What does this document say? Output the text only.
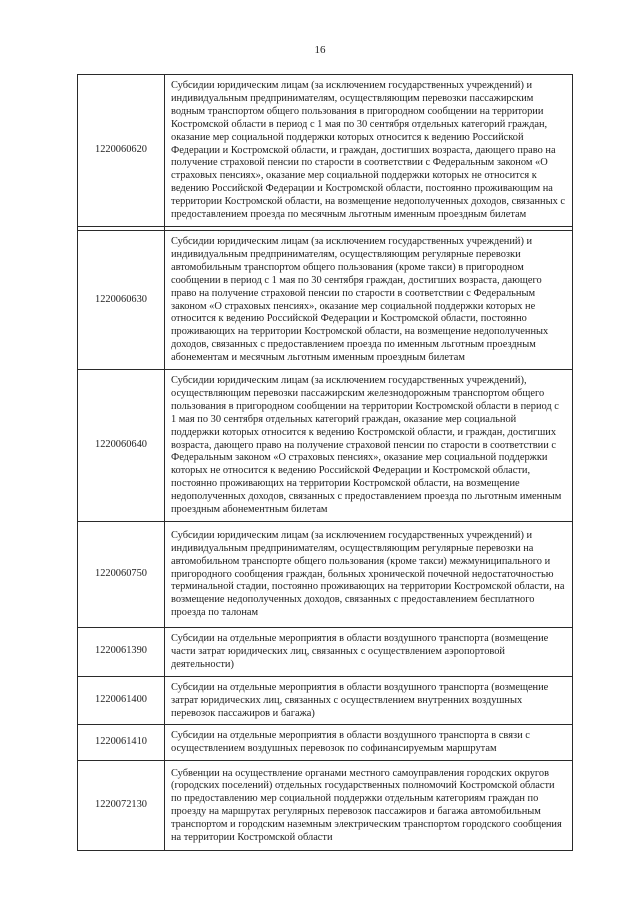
16
1220060620	Субсидии юридическим лицам (за исключением государственных учреждений) и индивидуальным предпринимателям, осуществляющим перевозки пассажирским водным транспортом общего пользования в пригородном сообщении на территории Костромской области в период с 1 мая по 30 сентября отдельных категорий граждан, оказание мер социальной поддержки которых относится к ведению Российской Федерации и Костромской области, и граждан, достигших возраста, дающего право на получение страховой пенсии по старости в соответствии с Федеральным законом «О страховых пенсиях», оказание мер социальной поддержки которых не относится к ведению Российской Федерации и Костромской области, постоянно проживающим на территории Костромской области, на возмещение недополученных доходов, связанных с предоставлением проезда по месячным льготным именным проездным билетам

1220060630	Субсидии юридическим лицам (за исключением государственных учреждений) и индивидуальным предпринимателям, осуществляющим регулярные перевозки автомобильным транспортом общего пользования (кроме такси) в пригородном сообщении в период с 1 мая по 30 сентября граждан, достигших возраста, дающего право на получение страховой пенсии по старости в соответствии с Федеральным законом «О страховых пенсиях», оказание мер социальной поддержки которых не относится к ведению Российской Федерации и Костромской области, постоянно проживающих на территории Костромской области, на возмещение недополученных доходов, связанных с предоставлением проезда по именным льготным проездным абонементам и месячным льготным именным проездным билетам
1220060640	Субсидии юридическим лицам (за исключением государственных учреждений), осуществляющим перевозки пассажирским железнодорожным транспортом общего пользования в пригородном сообщении на территории Костромской области в период с 1 мая по 30 сентября отдельных категорий граждан, оказание мер социальной поддержки которых относится к ведению Костромской области, и граждан, достигших возраста, дающего право на получение страховой пенсии по старости в соответствии с Федеральным законом «О страховых пенсиях», оказание мер социальной поддержки которых не относится к ведению Российской Федерации и Костромской области, постоянно проживающих на территории Костромской области, на возмещение недополученных доходов, связанных с предоставлением проезда по льготным именным проездным абонементным билетам
1220060750	Субсидии юридическим лицам (за исключением государственных учреждений) и индивидуальным предпринимателям, осуществляющим регулярные перевозки на автомобильном транспорте общего пользования (кроме такси) межмуниципального и пригородного сообщения граждан, больных хронической почечной недостаточностью терминальной стадии, постоянно проживающих на территории Костромской области, на возмещение недополученных доходов, связанных с предоставлением бесплатного проезда по талонам
1220061390	Субсидии на отдельные мероприятия в области воздушного транспорта (возмещение части затрат юридических лиц, связанных с осуществлением аэропортовой деятельности)
1220061400	Субсидии на отдельные мероприятия в области воздушного транспорта (возмещение затрат юридических лиц, связанных с осуществлением внутренних воздушных перевозок пассажиров и багажа)
1220061410	Субсидии на отдельные мероприятия в области воздушного транспорта в связи с осуществлением воздушных перевозок по софинансируемым маршрутам
1220072130	Субвенции на осуществление органами местного самоуправления городских округов (городских поселений) отдельных государственных полномочий Костромской области по предоставлению мер социальной поддержки отдельным категориям граждан по проезду на маршрутах регулярных перевозок пассажиров и багажа автомобильным транспортом и городским наземным электрическим транспортом городского сообщения на территории Костромской области
